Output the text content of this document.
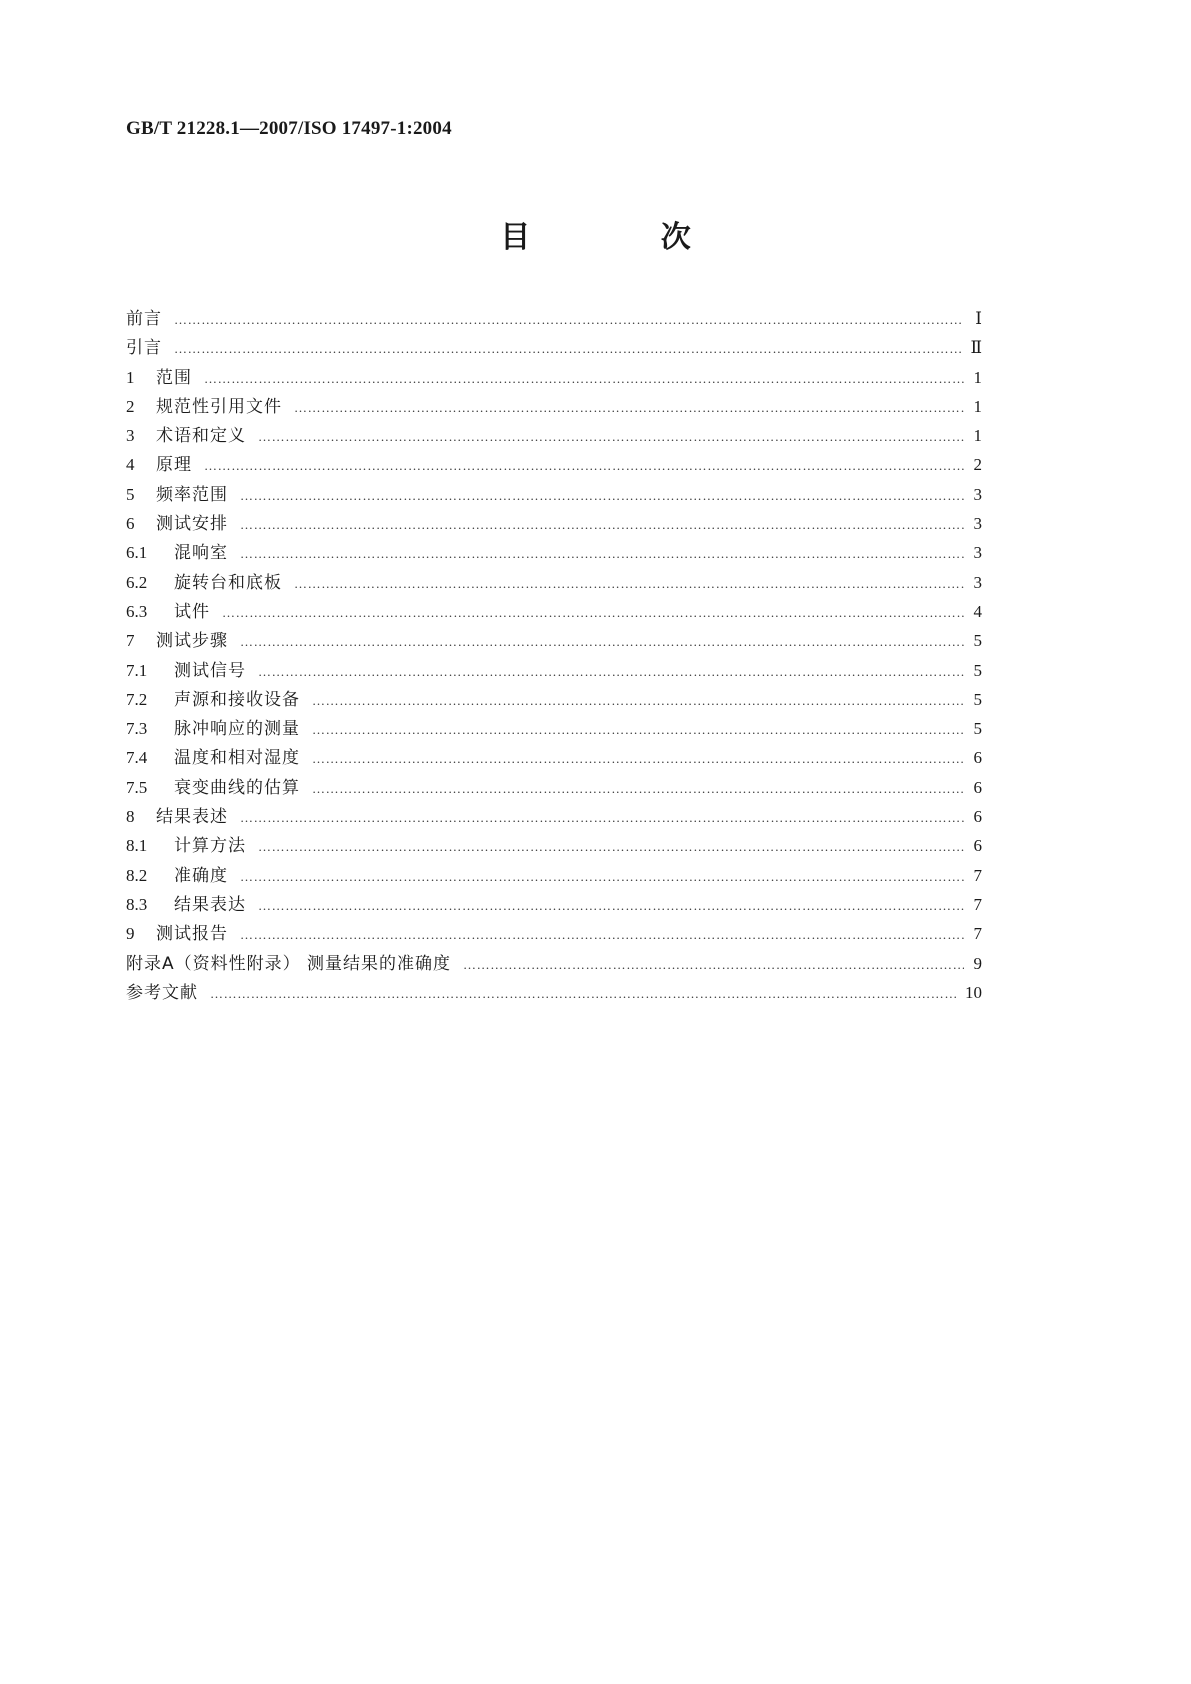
GB/T 21228.1—2007/ISO 17497-1:2004
目 次
前言 ………………………………………………………………………………………………………………………………………………………………………………………………………………………	Ⅰ
引言 ………………………………………………………………………………………………………………………………………………………………………………………………………………………	Ⅱ
1	范围 ………………………………………………………………………………………………………………………………………………………………………………………………………………………	1
2	规范性引用文件 ………………………………………………………………………………………………………………………………………………………………………………………………………………………	1
3	术语和定义 ………………………………………………………………………………………………………………………………………………………………………………………………………………………	1
4	原理 ………………………………………………………………………………………………………………………………………………………………………………………………………………………	2
5	频率范围 ………………………………………………………………………………………………………………………………………………………………………………………………………………………	3
6	测试安排 ………………………………………………………………………………………………………………………………………………………………………………………………………………………	3
6.1	混响室 ………………………………………………………………………………………………………………………………………………………………………………………………………………………	3
6.2	旋转台和底板 ………………………………………………………………………………………………………………………………………………………………………………………………………………………	3
6.3	试件 ………………………………………………………………………………………………………………………………………………………………………………………………………………………	4
7	测试步骤 ………………………………………………………………………………………………………………………………………………………………………………………………………………………	5
7.1	测试信号 ………………………………………………………………………………………………………………………………………………………………………………………………………………………	5
7.2	声源和接收设备 ………………………………………………………………………………………………………………………………………………………………………………………………………………………	5
7.3	脉冲响应的测量 ………………………………………………………………………………………………………………………………………………………………………………………………………………………	5
7.4	温度和相对湿度 ………………………………………………………………………………………………………………………………………………………………………………………………………………………	6
7.5	衰变曲线的估算 ………………………………………………………………………………………………………………………………………………………………………………………………………………………	6
8	结果表述 ………………………………………………………………………………………………………………………………………………………………………………………………………………………	6
8.1	计算方法 ………………………………………………………………………………………………………………………………………………………………………………………………………………………	6
8.2	准确度 ………………………………………………………………………………………………………………………………………………………………………………………………………………………	7
8.3	结果表达 ………………………………………………………………………………………………………………………………………………………………………………………………………………………	7
9	测试报告 ………………………………………………………………………………………………………………………………………………………………………………………………………………………	7
附录A（资料性附录） 测量结果的准确度 ………………………………………………………………………………………………………………………………………………………………………………………………………………………	9
参考文献 ………………………………………………………………………………………………………………………………………………………………………………………………………………………	10
